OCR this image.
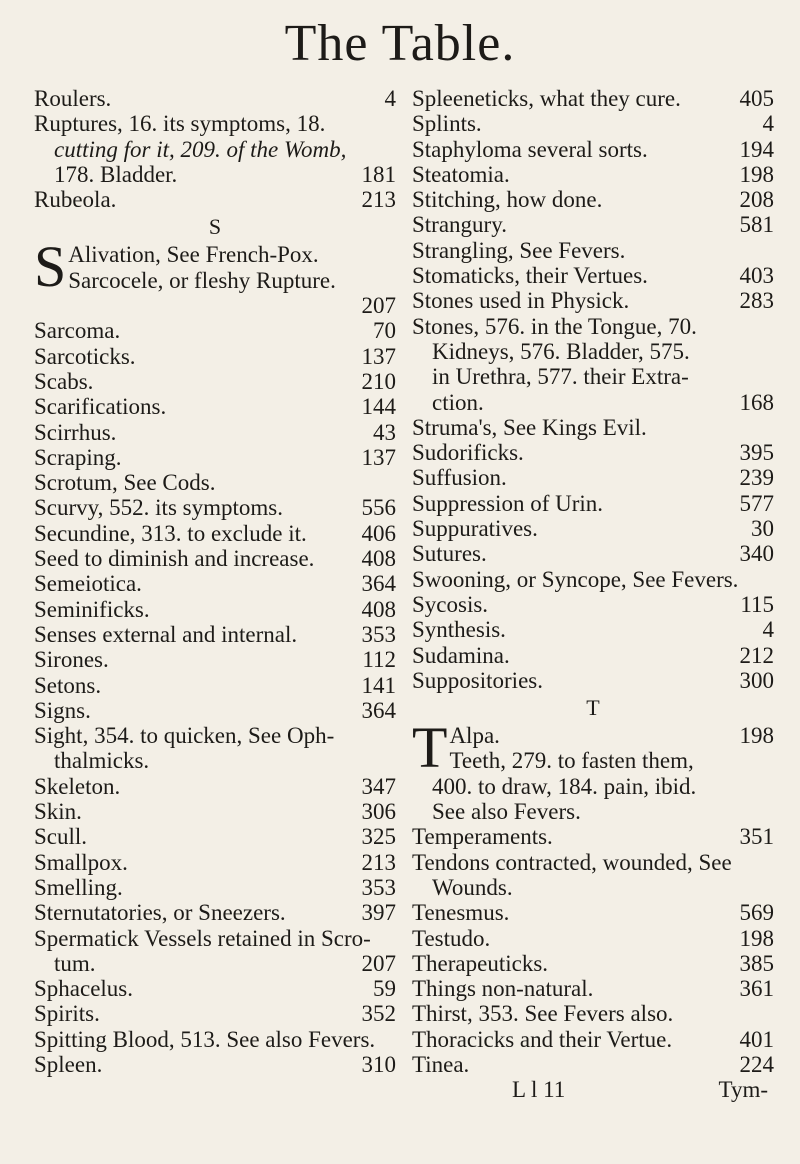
The Table.
Roulers.	4
Ruptures, 16. its symptoms, 18.
cutting for it, 209. of the Womb,
178. Bladder.	181
Rubeola.	213
S
S Alivation, See French-Pox.
Sarcocele, or fleshy Rupture.
207
Sarcoma.	70
Sarcoticks.	137
Scabs.	210
Scarifications.	144
Scirrhus.	43
Scraping.	137
Scrotum, See Cods.
Scurvy, 552. its symptoms.	556
Secundine, 313. to exclude it.	406
Seed to diminish and increase.	408
Semeiotica.	364
Seminificks.	408
Senses external and internal.	353
Sirones.	112
Setons.	141
Signs.	364
Sight, 354. to quicken, See Oph-
thalmicks.
Skeleton.	347
Skin.	306
Scull.	325
Smallpox.	213
Smelling.	353
Sternutatories, or Sneezers.	397
Spermatick Vessels retained in Scro-
tum.	207
Sphacelus.	59
Spirits.	352
Spitting Blood, 513. See also Fevers.
Spleen.	310
Spleeneticks, what they cure.	405
Splints.	4
Staphyloma several sorts.	194
Steatomia.	198
Stitching, how done.	208
Strangury.	581
Strangling, See Fevers.
Stomaticks, their Vertues.	403
Stones used in Physick.	283
Stones, 576. in the Tongue, 70.
Kidneys, 576. Bladder, 575.
in Urethra, 577. their Extra-
ction.	168
Struma's, See Kings Evil.
Sudorificks.	395
Suffusion.	239
Suppression of Urin.	577
Suppuratives.	30
Sutures.	340
Swooning, or Syncope, See Fevers.
Sycosis.	115
Synthesis.	4
Sudamina.	212
Suppositories.	300
T
T Alpa.	198
Teeth, 279. to fasten them,
400. to draw, 184. pain, ibid.
See also Fevers.
Temperaments.	351
Tendons contracted, wounded, See
Wounds.
Tenesmus.	569
Testudo.	198
Therapeuticks.	385
Things non-natural.	361
Thirst, 353. See Fevers also.
Thoracicks and their Vertue.	401
Tinea.	224
L l 11	Tym-
